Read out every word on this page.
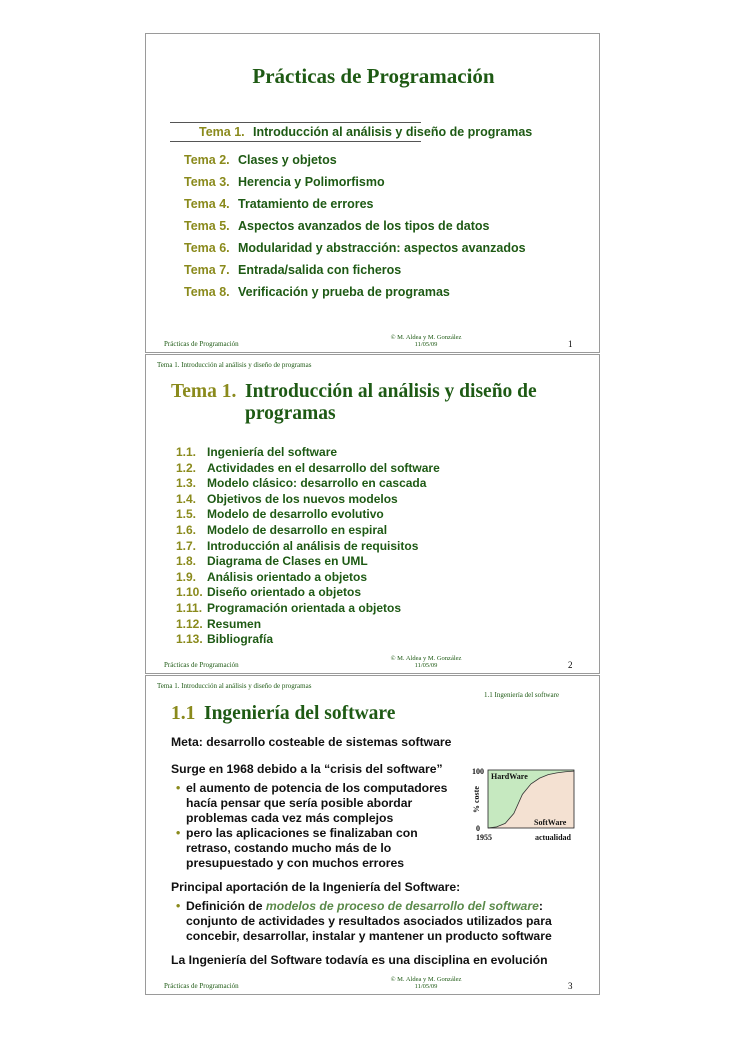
Prácticas de Programación
Tema 1. Introducción al análisis y diseño de programas
Tema 2. Clases y objetos
Tema 3. Herencia y Polimorfismo
Tema 4. Tratamiento de errores
Tema 5. Aspectos avanzados de los tipos de datos
Tema 6. Modularidad y abstracción: aspectos avanzados
Tema 7. Entrada/salida con ficheros
Tema 8. Verificación y prueba de programas
Prácticas de Programación
© M. Aldea y M. González
11/05/09	1
Tema 1. Introducción al análisis y diseño de programas
Tema 1. Introducción al análisis y diseño de
programas
1.1. Ingeniería del software
1.2. Actividades en el desarrollo del software
1.3. Modelo clásico: desarrollo en cascada
1.4. Objetivos de los nuevos modelos
1.5. Modelo de desarrollo evolutivo
1.6. Modelo de desarrollo en espiral
1.7. Introducción al análisis de requisitos
1.8. Diagrama de Clases en UML
1.9. Análisis orientado a objetos
1.10. Diseño orientado a objetos
1.11. Programación orientada a objetos
1.12. Resumen
1.13. Bibliografía
Prácticas de Programación
© M. Aldea y M. González
11/05/09	2
Tema 1. Introducción al análisis y diseño de programas
1.1 Ingeniería del software
1.1 Ingeniería del software
Meta: desarrollo costeable de sistemas software
Surge en 1968 debido a la “crisis del software”
• el aumento de potencia de los computadores
hacía pensar que sería posible abordar
problemas cada vez más complejos
• pero las aplicaciones se finalizaban con
retraso, costando mucho más de lo
presupuestado y con muchos errores
100
0
% coste
HardWare
SoftWare
1955	actualidad
Principal aportación de la Ingeniería del Software:
• Definición de modelos de proceso de desarrollo del software:
conjunto de actividades y resultados asociados utilizados para
concebir, desarrollar, instalar y mantener un producto software
La Ingeniería del Software todavía es una disciplina en evolución
Prácticas de Programación
© M. Aldea y M. González
11/05/09	3
